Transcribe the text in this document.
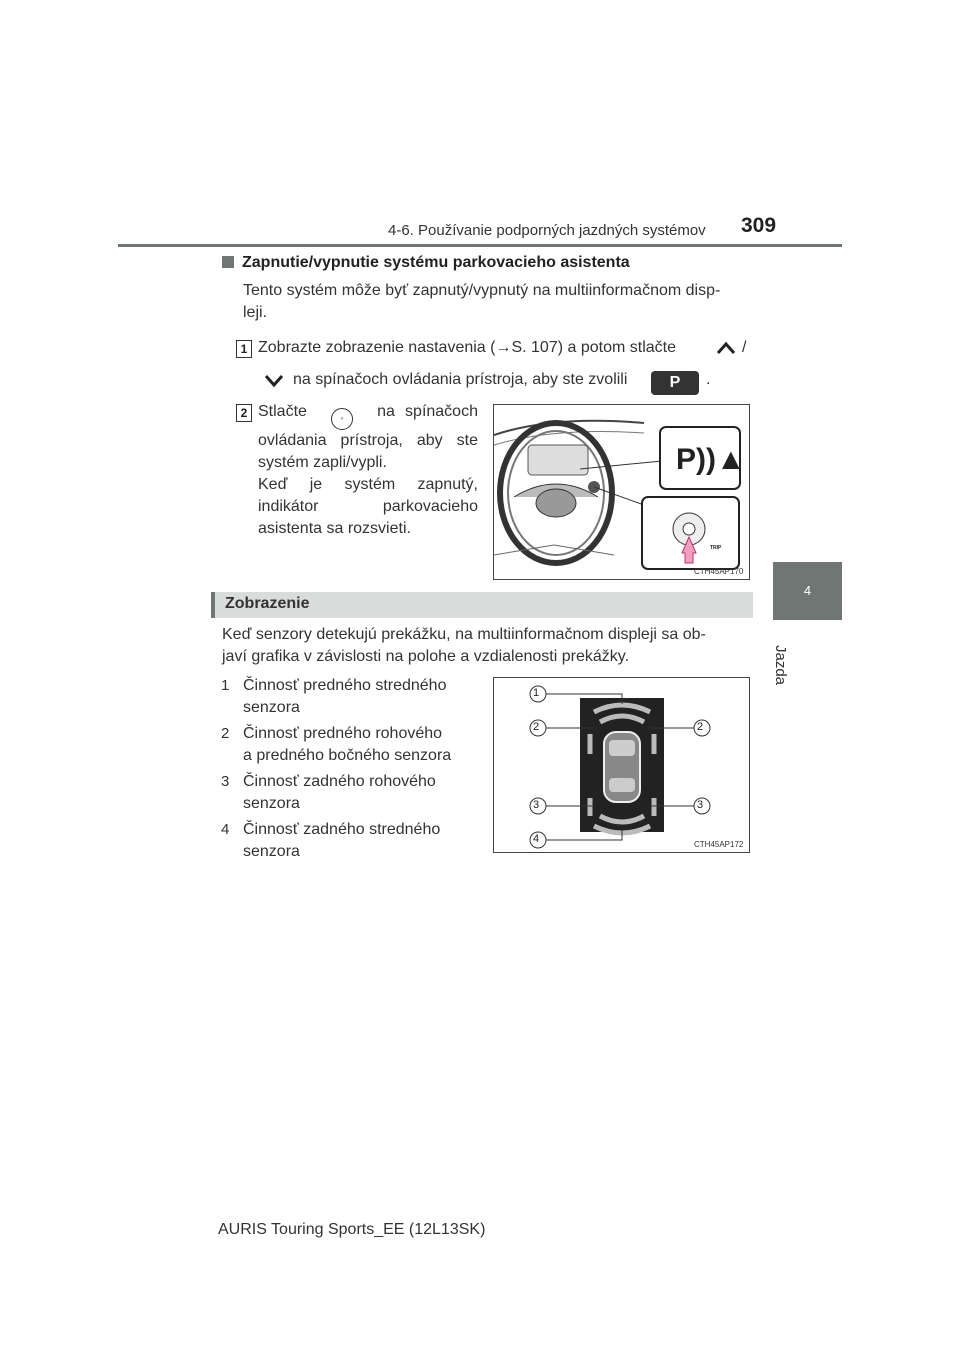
4-6. Používanie podporných jazdných systémov 309
4
Jazda
Zapnutie/vypnutie systému parkovacieho asistenta
Tento systém môže byť zapnutý/vypnutý na multiinformačnom disp-
leji.
1 Zobrazte zobrazenie nastavenia (→S. 107) a potom stlačte	/
na spínačoch ovládania prístroja, aby ste zvolili	P	.
2 Stlačte	◦ na spínačoch ovládania prístroja, aby ste systém zapli/vypli.
Keď je systém zapnutý, indikátor parkovacieho asistenta sa rozsvieti.
P))▲
TRIP
CTH45AP170
Zobrazenie
Keď senzory detekujú prekážku, na multiinformačnom displeji sa ob-
javí grafika v závislosti na polohe a vzdialenosti prekážky.
1 Činnosť predného stredného
senzora
2 Činnosť predného rohového
a predného bočného senzora
3 Činnosť zadného rohového
senzora
4 Činnosť zadného stredného
senzora
1
2	2
3	3
4	CTH45AP172
AURIS Touring Sports_EE (12L13SK)
